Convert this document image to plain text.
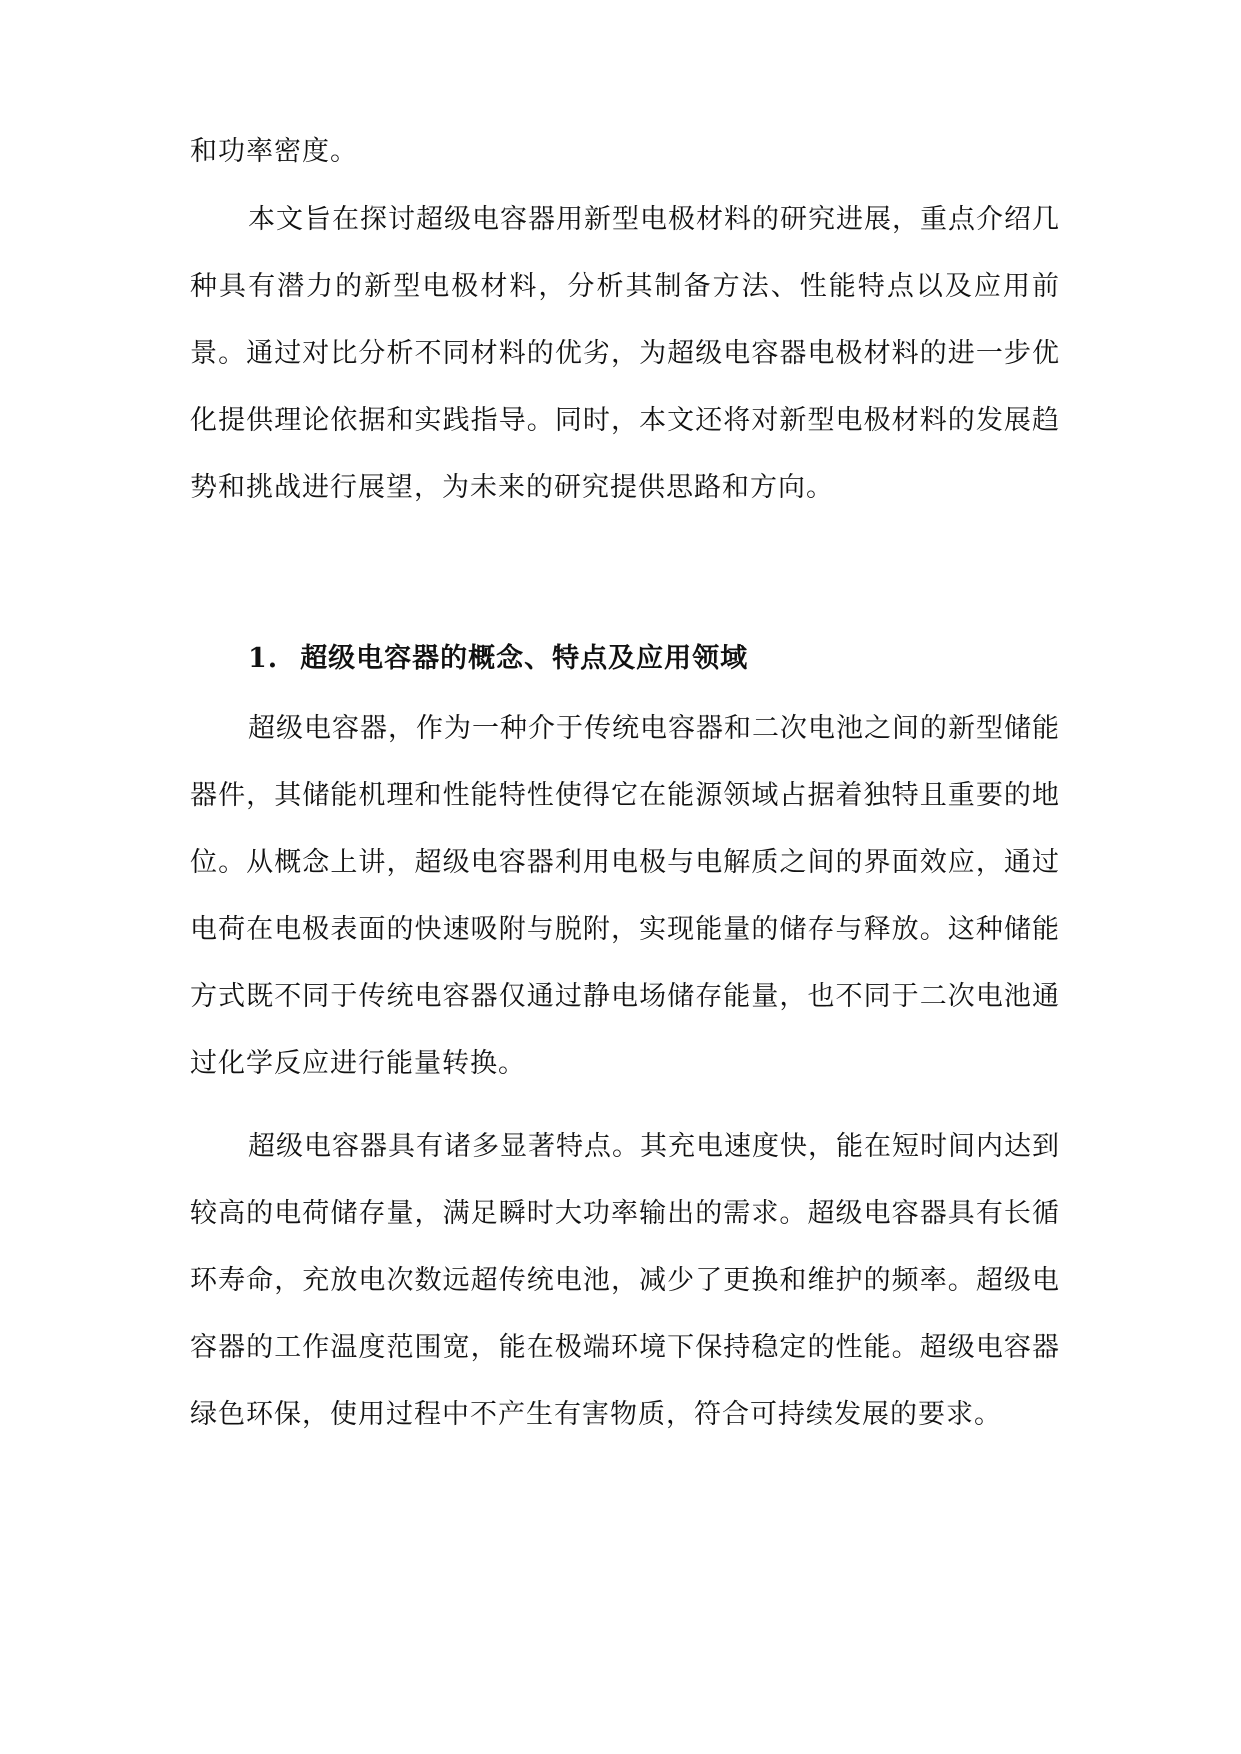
和功率密度。

本文旨在探讨超级电容器用新型电极材料的研究进展，重点介绍几种具有潜力的新型电极材料，分析其制备方法、性能特点以及应用前景。通过对比分析不同材料的优劣，为超级电容器电极材料的进一步优化提供理论依据和实践指导。同时，本文还将对新型电极材料的发展趋势和挑战进行展望，为未来的研究提供思路和方向。

1. 超级电容器的概念、特点及应用领域

超级电容器，作为一种介于传统电容器和二次电池之间的新型储能器件，其储能机理和性能特性使得它在能源领域占据着独特且重要的地位。从概念上讲，超级电容器利用电极与电解质之间的界面效应，通过电荷在电极表面的快速吸附与脱附，实现能量的储存与释放。这种储能方式既不同于传统电容器仅通过静电场储存能量，也不同于二次电池通过化学反应进行能量转换。

超级电容器具有诸多显著特点。其充电速度快，能在短时间内达到较高的电荷储存量，满足瞬时大功率输出的需求。超级电容器具有长循环寿命，充放电次数远超传统电池，减少了更换和维护的频率。超级电容器的工作温度范围宽，能在极端环境下保持稳定的性能。超级电容器绿色环保，使用过程中不产生有害物质，符合可持续发展的要求。
